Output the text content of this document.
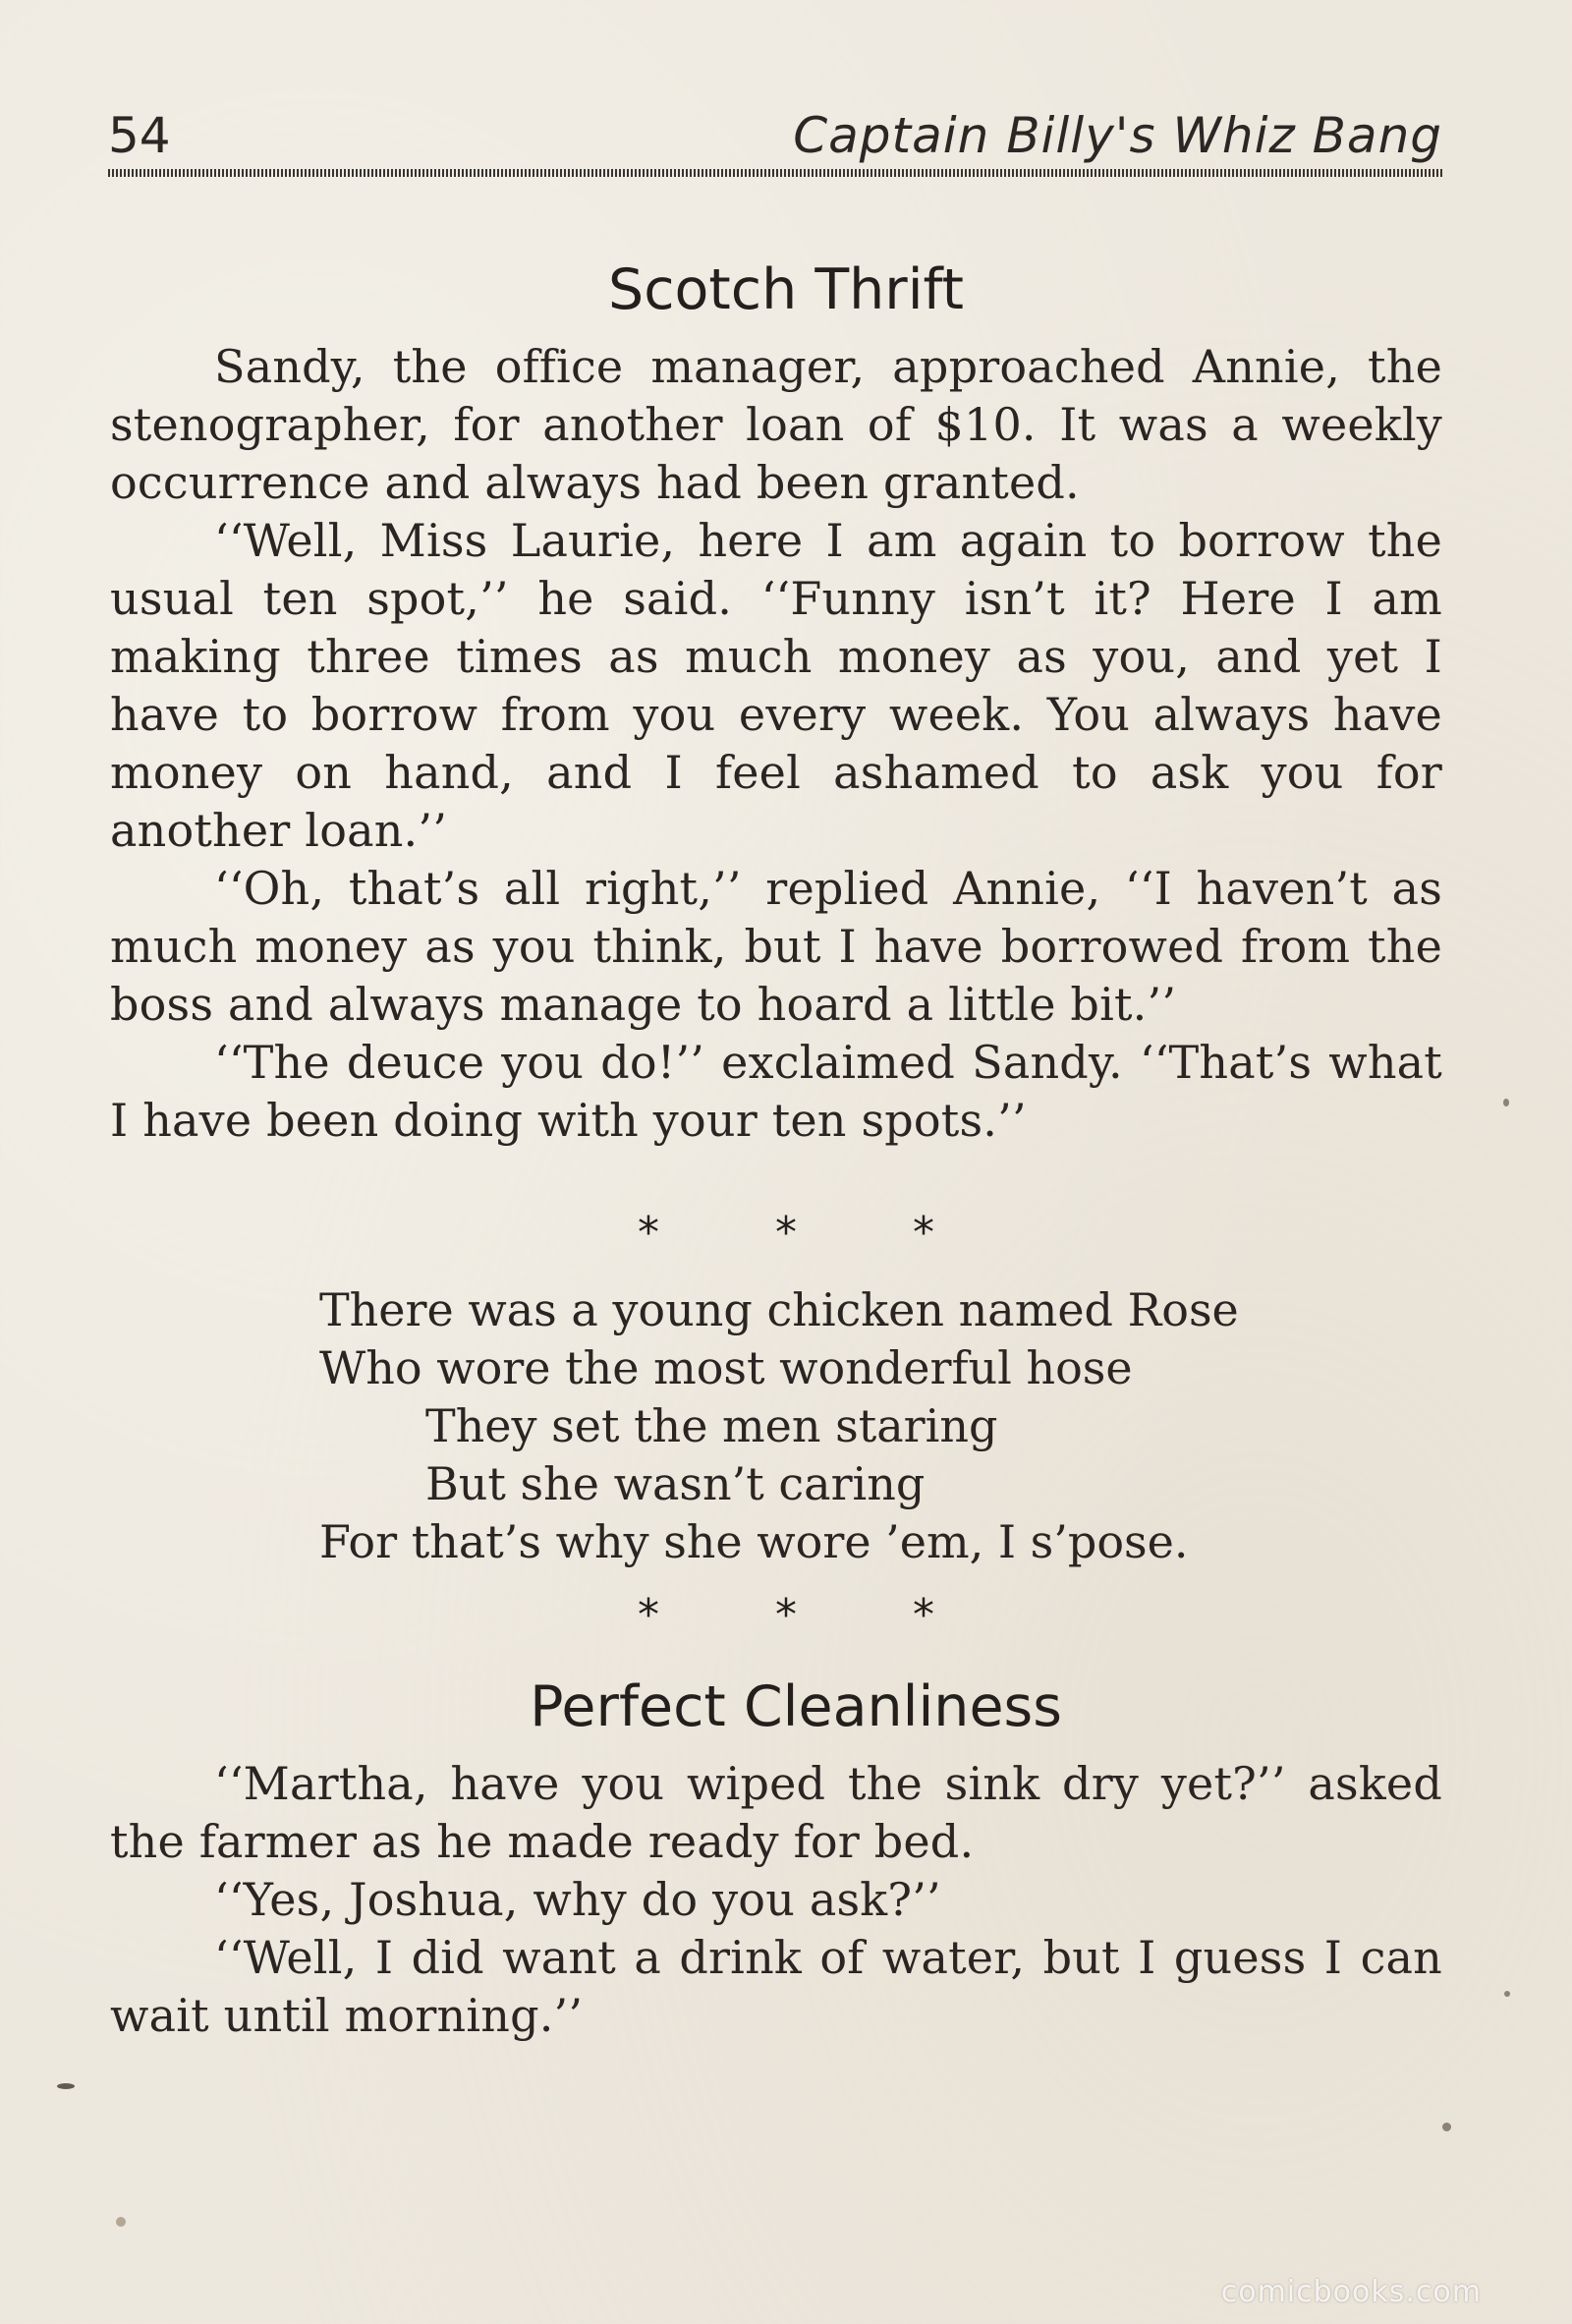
54	Captain Billy's Whiz Bang
Scotch Thrift

Sandy, the office manager, approached Annie, the stenographer, for another loan of $10. It was a weekly occurrence and always had been granted.

‘‘Well, Miss Laurie, here I am again to borrow the usual ten spot,’’ he said. ‘‘Funny isn’t it? Here I am making three times as much money as you, and yet I have to borrow from you every week. You always have money on hand, and I feel ashamed to ask you for another loan.’’

‘‘Oh, that’s all right,’’ replied Annie, ‘‘I haven’t as much money as you think, but I have borrowed from the boss and always manage to hoard a little bit.’’

‘‘The deuce you do!’’ exclaimed Sandy. ‘‘That’s what I have been doing with your ten spots.’’

* * *
There was a young chicken named Rose
Who wore the most wonderful hose
They set the men staring
But she wasn’t caring
For that’s why she wore ’em, I s’pose.
* * *
Perfect Cleanliness

‘‘Martha, have you wiped the sink dry yet?’’ asked the farmer as he made ready for bed.

‘‘Yes, Joshua, why do you ask?’’

‘‘Well, I did want a drink of water, but I guess I can wait until morning.’’

comicbooks.com
